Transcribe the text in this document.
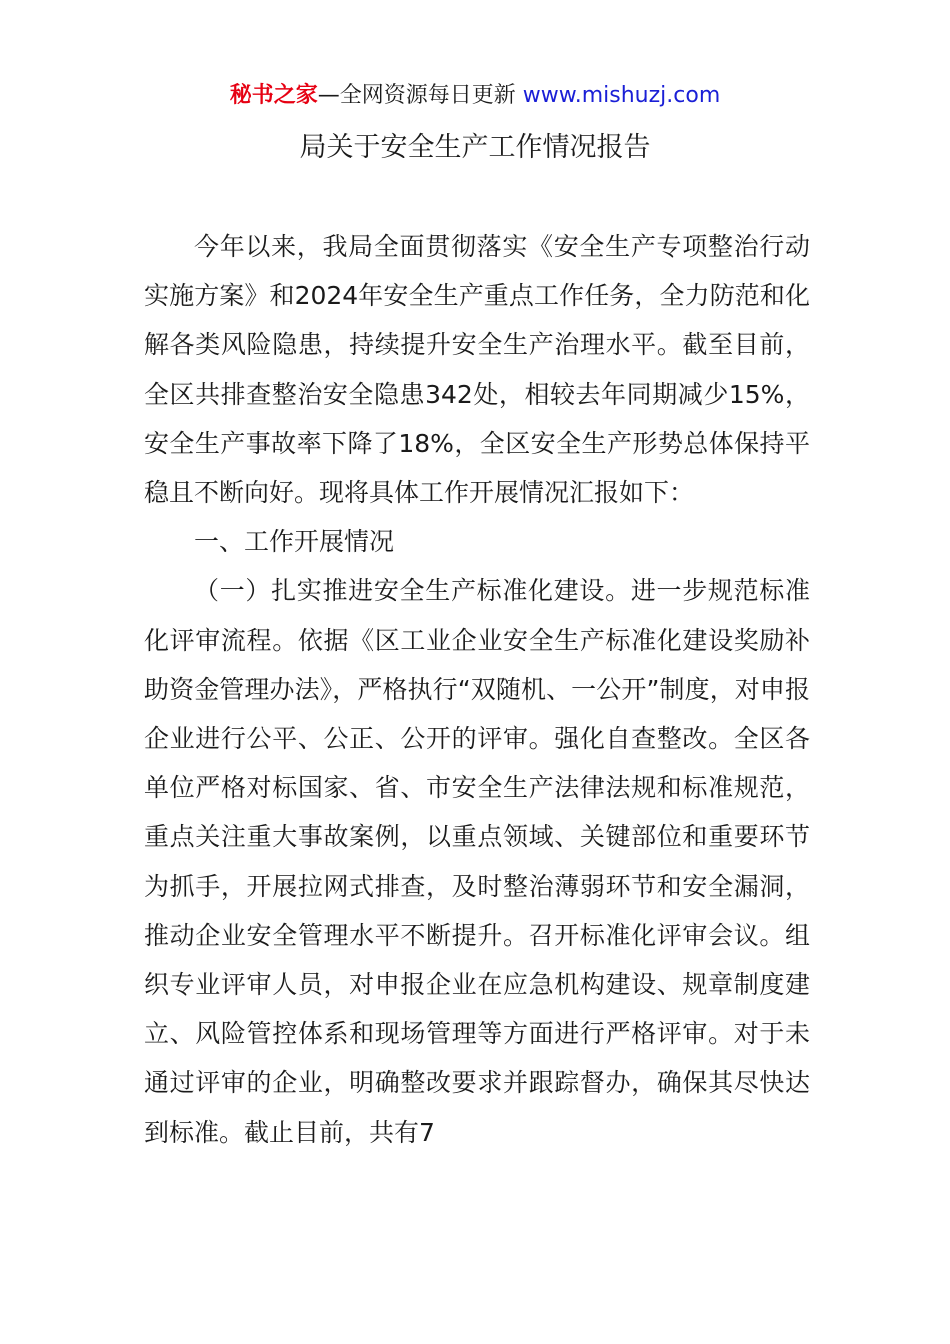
秘书之家—全网资源每日更新 www.mishuzj.com
局关于安全生产工作情况报告

今年以来，我局全面贯彻落实《安全生产专项整治行动实施方案》和2024年安全生产重点工作任务，全力防范和化解各类风险隐患，持续提升安全生产治理水平。截至目前，全区共排查整治安全隐患342处，相较去年同期减少15%，安全生产事故率下降了18%，全区安全生产形势总体保持平稳且不断向好。现将具体工作开展情况汇报如下：

一、工作开展情况

（一）扎实推进安全生产标准化建设。进一步规范标准化评审流程。依据《区工业企业安全生产标准化建设奖励补助资金管理办法》，严格执行“双随机、一公开”制度，对申报企业进行公平、公正、公开的评审。强化自查整改。全区各单位严格对标国家、省、市安全生产法律法规和标准规范，重点关注重大事故案例，以重点领域、关键部位和重要环节为抓手，开展拉网式排查，及时整治薄弱环节和安全漏洞，推动企业安全管理水平不断提升。召开标准化评审会议。组织专业评审人员，对申报企业在应急机构建设、规章制度建立、风险管控体系和现场管理等方面进行严格评审。对于未通过评审的企业，明确整改要求并跟踪督办，确保其尽快达到标准。截止目前，共有7
